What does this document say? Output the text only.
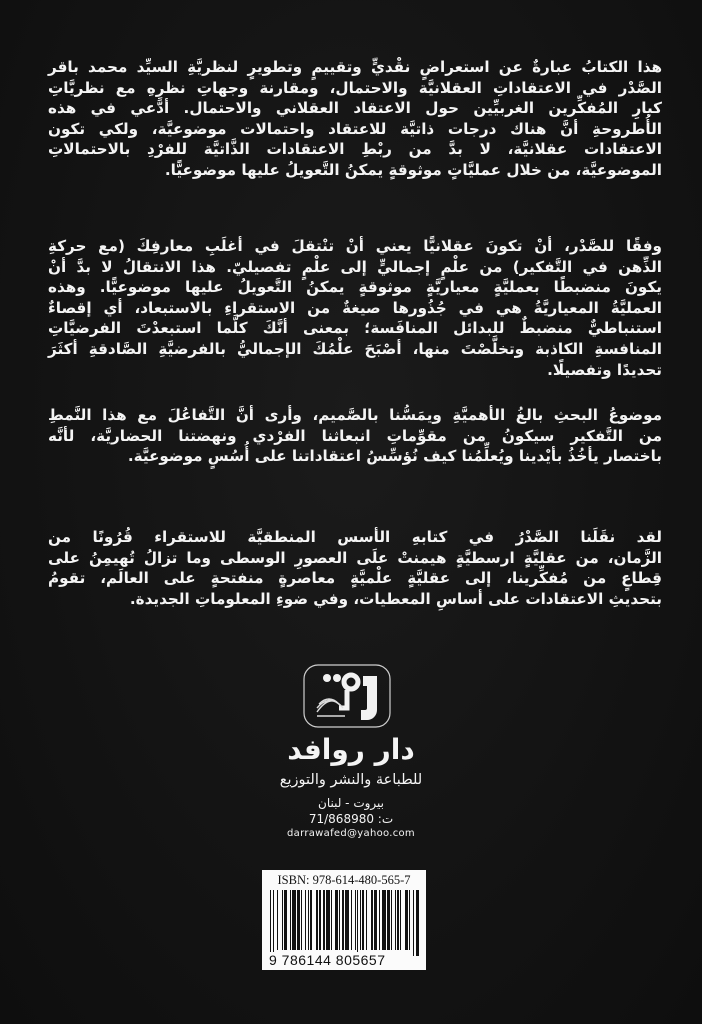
هذا الكتابُ عبارةٌ عن استعراضٍ نقْديٍّ وتقييمٍ وتطويرٍ لنظريَّةِ السيِّد محمد باقر
الصَّدْر في الاعتقاداتِ العقلانيَّة والاحتمال، ومقارنة وجهاتِ نظرِهِ مع نظريَّاتِ
كبارِ المُفكِّرين الغربيِّين حول الاعتقاد العقلاني والاحتمال. أدَّعي في هذه
الأُطروحةِ أنَّ هناك درجات ذاتيَّة للاعتقاد واحتمالات موضوعيَّة، ولكي تكون
الاعتقادات عقلانيَّة، لا بدَّ من ربْطِ الاعتقادات الذَّاتيَّة للفرْدِ بالاحتمالاتِ
الموضوعيَّة، من خلال عمليَّاتٍ موثوقةٍ يمكنُ التَّعويلُ عليها موضوعيًّا.
وفقًا للصَّدْر، أنْ تكونَ عقلانيًّا يعني أنْ تنْتقلَ في أغلَبِ معارفِكَ (مع حركةِ
الذِّهن في التَّفكير) من علْمٍ إجماليٍّ إلى علْمٍ تفصيليّ. هذا الانتقالُ لا بدَّ أنْ
يكونَ منضبطًا بعمليَّةٍ معياريَّةٍ موثوقةٍ يمكنُ التَّعويلُ عليها موضوعيًّا. وهذه
العمليَّةُ المعياريَّةُ هي في جُذُورها صيغةٌ من الاستقراءِ بالاستبعاد، أي إقصاءٌ
استنباطيٌّ منضبطٌ للبدائل المنافَسة؛ بمعنى أنَّكَ كلَّما استبعدْتَ الفرضيَّاتِ
المنافسةِ الكاذبة وتخلَّصْتَ منها، أصْبَحَ علْمُكَ الإجماليُّ بالفرضيَّةِ الصَّادقةِ أكثَرَ
تحديدًا وتفصيلًا.
موضوعُ البحثِ بالغُ الأهميَّةِ ويمَسُّنا بالصَّميم، وأرى أنَّ التَّفاعُلَ مع هذا النَّمطِ
من التَّفكير سيكونُ من مقوِّماتِ انبعاثنا الفرْدي ونهضتنا الحضاريَّة، لأنَّه
باختصار يأخُذُ بأيْدينا ويُعلِّمُنا كيف نُؤسِّسُ اعتقاداتنا على أُسُسٍ موضوعيَّة.
لقد نقَلَنا الصَّدْرُ في كتابهِ الأسس المنطقيَّة للاستقراء قُرُونًا من
الزَّمان، من عقليَّةٍ ارسطيَّةٍ هيمنتْ علَى العصورِ الوسطى وما تزالُ تُهيمِنُ على
قِطاعٍ من مُفكِّرينا، إلى عقليَّةٍ علْميَّةٍ معاصرةٍ منفتحةٍ على العالَم، تقومُ
بتحديثِ الاعتقادات على أساسِ المعطيات، وفي ضوءِ المعلوماتِ الجديدة.
دار روافد
للطباعة والنشر والتوزيع
بيروت - لبنان
ت: 71/868980
darrawafed@yahoo.com
ISBN: 978-614-480-565-7
9 786144 805657
